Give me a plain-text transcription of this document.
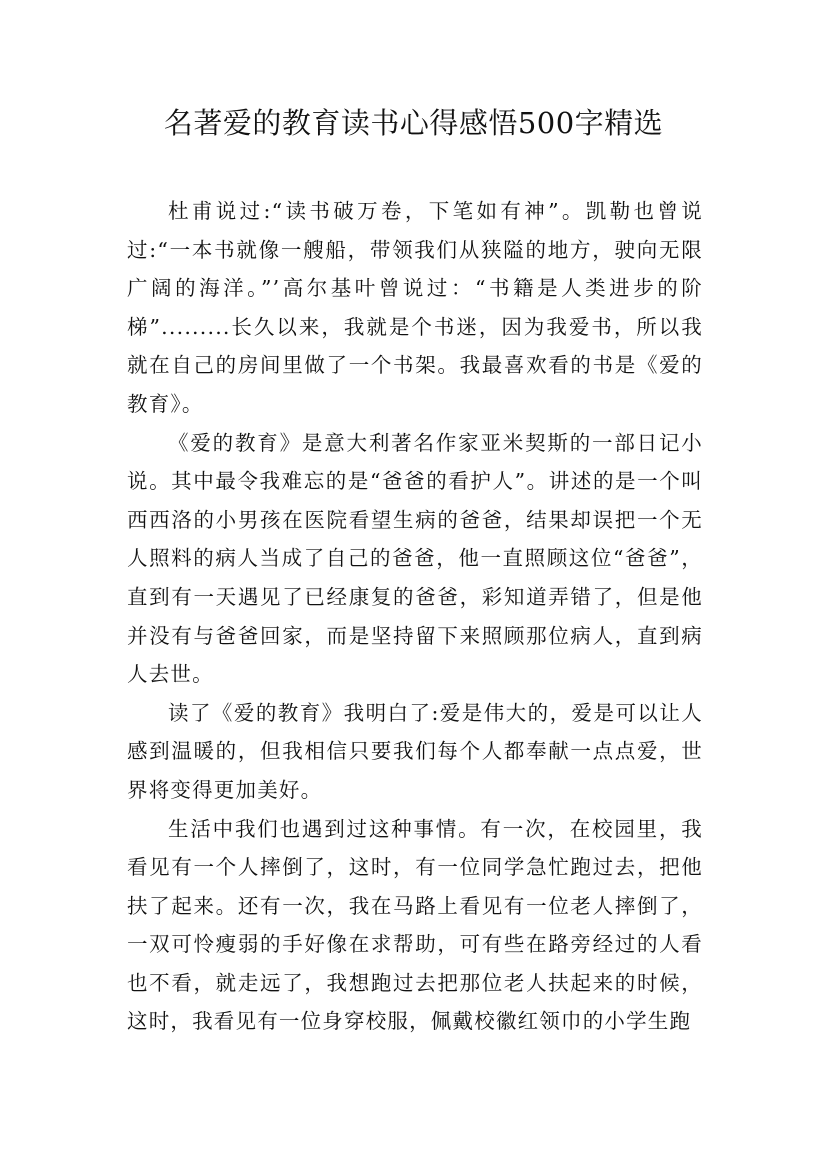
名著爱的教育读书心得感悟500字精选

杜甫说过:“读书破万卷，下笔如有神”。凯勒也曾说过:“一本书就像一艘船，带领我们从狭隘的地方，驶向无限广阔的海洋。”’高尔基叶曾说过：“书籍是人类进步的阶梯”.........长久以来，我就是个书迷，因为我爱书，所以我就在自己的房间里做了一个书架。我最喜欢看的书是《爱的教育》。

《爱的教育》是意大利著名作家亚米契斯的一部日记小说。其中最令我难忘的是“爸爸的看护人”。讲述的是一个叫西西洛的小男孩在医院看望生病的爸爸，结果却误把一个无人照料的病人当成了自己的爸爸，他一直照顾这位“爸爸”，直到有一天遇见了已经康复的爸爸，彩知道弄错了，但是他并没有与爸爸回家，而是坚持留下来照顾那位病人，直到病人去世。

读了《爱的教育》我明白了:爱是伟大的，爱是可以让人感到温暖的，但我相信只要我们每个人都奉献一点点爱，世界将变得更加美好。

生活中我们也遇到过这种事情。有一次，在校园里，我看见有一个人摔倒了，这时，有一位同学急忙跑过去，把他扶了起来。还有一次，我在马路上看见有一位老人摔倒了，一双可怜瘦弱的手好像在求帮助，可有些在路旁经过的人看也不看，就走远了，我想跑过去把那位老人扶起来的时候，这时，我看见有一位身穿校服，佩戴校徽红领巾的小学生跑
